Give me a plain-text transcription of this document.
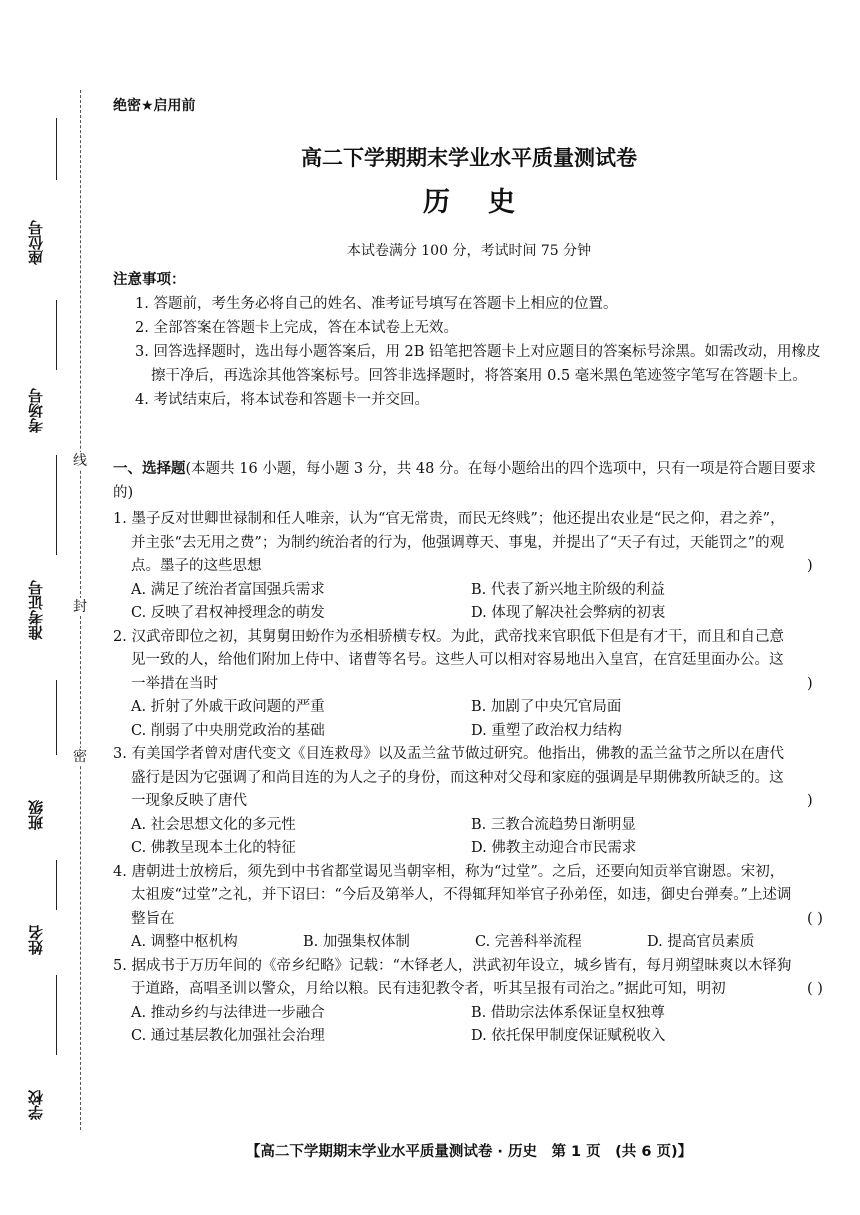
座位号
考场号
准考证号
班级
姓名
学校
线
封
密
绝密★启用前
高二下学期期末学业水平质量测试卷
历史
本试卷满分 100 分，考试时间 75 分钟
注意事项：
1. 答题前，考生务必将自己的姓名、准考证号填写在答题卡上相应的位置。
2. 全部答案在答题卡上完成，答在本试卷上无效。
3. 回答选择题时，选出每小题答案后，用 2B 铅笔把答题卡上对应题目的答案标号涂黑。如需改动，用橡皮擦干净后，再选涂其他答案标号。回答非选择题时，将答案用 0.5 毫米黑色笔迹签字笔写在答题卡上。
4. 考试结束后，将本试卷和答题卡一并交回。
一、选择题(本题共 16 小题，每小题 3 分，共 48 分。在每小题给出的四个选项中，只有一项是符合题目要求的)
1. 墨子反对世卿世禄制和任人唯亲，认为“官无常贵，而民无终贱”；他还提出农业是“民之仰，君之养”，并主张“去无用之费”；为制约统治者的行为，他强调尊天、事鬼，并提出了“天子有过，天能罚之”的观点。墨子的这些思想	)
A. 满足了统治者富国强兵需求	B. 代表了新兴地主阶级的利益
C. 反映了君权神授理念的萌发	D. 体现了解决社会弊病的初衷
2. 汉武帝即位之初，其舅舅田蚡作为丞相骄横专权。为此，武帝找来官职低下但是有才干，而且和自己意见一致的人，给他们附加上侍中、诸曹等名号。这些人可以相对容易地出入皇宫，在宫廷里面办公。这一举措在当时	)
A. 折射了外戚干政问题的严重	B. 加剧了中央冗官局面
C. 削弱了中央朋党政治的基础	D. 重塑了政治权力结构
3. 有美国学者曾对唐代变文《目连救母》以及盂兰盆节做过研究。他指出，佛教的盂兰盆节之所以在唐代盛行是因为它强调了和尚目连的为人之子的身份，而这种对父母和家庭的强调是早期佛教所缺乏的。这一现象反映了唐代	)
A. 社会思想文化的多元性	B. 三教合流趋势日渐明显
C. 佛教呈现本土化的特征	D. 佛教主动迎合市民需求
4. 唐朝进士放榜后，须先到中书省都堂谒见当朝宰相，称为“过堂”。之后，还要向知贡举官谢恩。宋初，太祖废“过堂”之礼，并下诏曰：“今后及第举人，不得辄拜知举官子孙弟侄，如违，御史台弹奏。”上述调整旨在	( )
A. 调整中枢机构	B. 加强集权体制	C. 完善科举流程	D. 提高官员素质
5. 据成书于万历年间的《帝乡纪略》记载：“木铎老人，洪武初年设立，城乡皆有，每月朔望昧爽以木铎狗于道路，高唱圣训以警众，月给以粮。民有违犯教令者，听其呈报有司治之。”据此可知，明初	( )
A. 推动乡约与法律进一步融合	B. 借助宗法体系保证皇权独尊
C. 通过基层教化加强社会治理	D. 依托保甲制度保证赋税收入
【高二下学期期末学业水平质量测试卷 · 历史　第 1 页　(共 6 页)】
